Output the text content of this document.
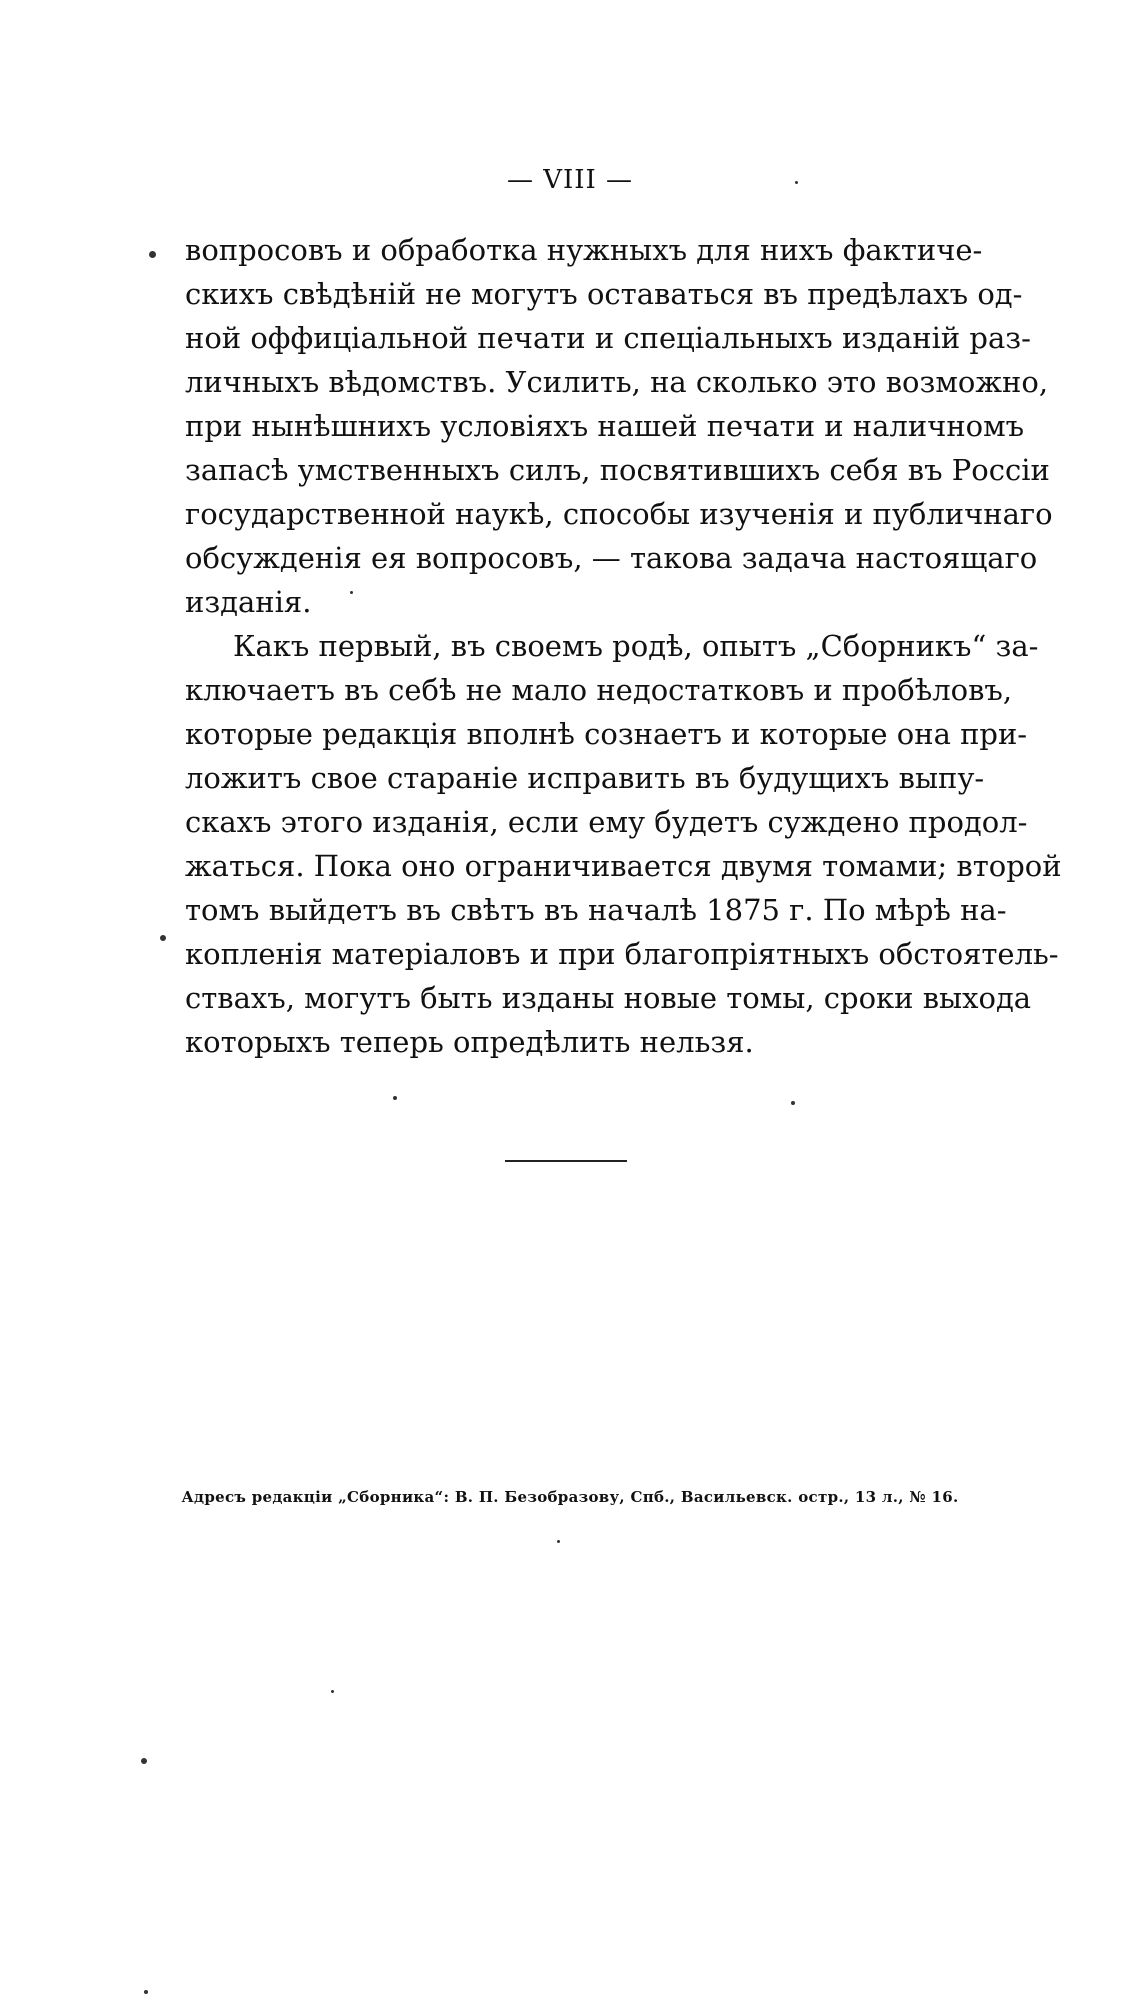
— VIII —
вопросовъ и обработка нужныхъ для нихъ фактиче-
скихъ свѣдѣній не могутъ оставаться въ предѣлахъ од-
ной оффиціальной печати и спеціальныхъ изданій раз-
личныхъ вѣдомствъ. Усилить, на сколько это возможно,
при нынѣшнихъ условіяхъ нашей печати и наличномъ
запасѣ умственныхъ силъ, посвятившихъ себя въ Россіи
государственной наукѣ, способы изученія и публичнаго
обсужденія ея вопросовъ, — такова задача настоящаго
изданія.
Какъ первый, въ своемъ родѣ, опытъ „Сборникъ“ за-
ключаетъ въ себѣ не мало недостатковъ и пробѣловъ,
которые редакція вполнѣ сознаетъ и которые она при-
ложитъ свое стараніе исправить въ будущихъ выпу-
скахъ этого изданія, если ему будетъ суждено продол-
жаться. Пока оно ограничивается двумя томами; второй
томъ выйдетъ въ свѣтъ въ началѣ 1875 г. По мѣрѣ на-
копленія матеріаловъ и при благопріятныхъ обстоятель-
ствахъ, могутъ быть изданы новые томы, сроки выхода
которыхъ теперь опредѣлить нельзя.
Адресъ редакціи „Сборника“: В. П. Безобразову, Спб., Васильевск. остр., 13 л., № 16.
